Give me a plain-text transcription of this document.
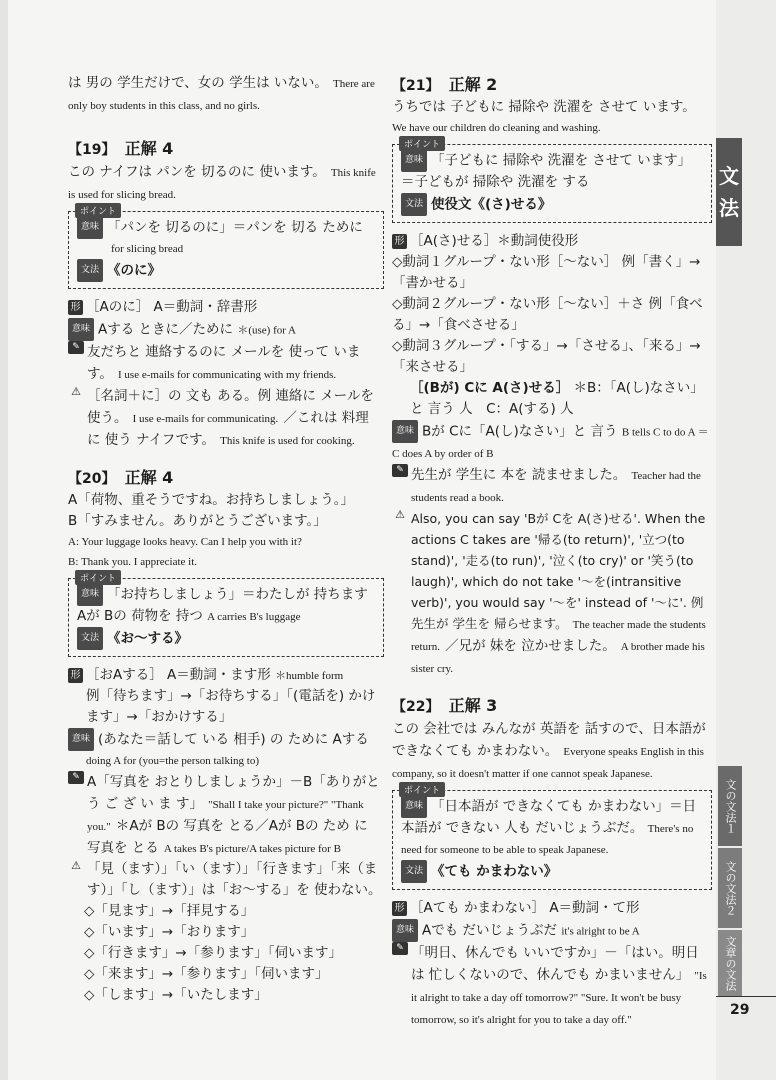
は 男の 学生だけで、女の 学生は いない。 There are only boy students in this class, and no girls.
【19】 正解 4
この ナイフは パンを 切るのに 使います。 This knife is used for slicing bread.
ポイント
意味 「パンを 切るのに」＝パンを 切る ために
for slicing bread
文法 《のに》
形 ［Aのに］ A＝動詞・辞書形
意味 Aする ときに／ために ＊(use) for A
✎ 友だちと 連絡するのに メールを 使って いま す。 I use e-mails for communicating with my friends.
⚠ ［名詞＋に］の 文も ある。例 連絡に メールを 使う。 I use e-mails for communicating. ／これは 料理 に 使う ナイフです。 This knife is used for cooking.
【20】 正解 4
A「荷物、重そうですね。お持ちしましょう。」
B「すみません。ありがとうございます。」
A: Your luggage looks heavy. Can I help you with it?
B: Thank you. I appreciate it.
ポイント
意味 「お持ちしましょう」＝わたしが 持ちます Aが Bの 荷物を 持つ A carries B's luggage
文法 《お～する》
形 ［おAする］ A＝動詞・ます形 ＊humble form
例「待ちます」→「お待ちする」「(電話を) かけます」→「おかけする」
意味 (あなた＝話して いる 相手) の ために Aする
doing A for (you=the person talking to)
✎ A「写真を おとりしましょうか」－B「ありがとう ご ざ い ま す」 "Shall I take your picture?" "Thank you." ＊Aが Bの 写真を とる／Aが Bの ため に 写真を とる A takes B's picture/A takes picture for B
⚠ 「見（ます）」「い（ます）」「行きます」「来（ます）」「し（ます）」は「お～する」を 使わない。
◇「見ます」→「拝見する」
◇「います」→「おります」
◇「行きます」→「参ります」「伺います」
◇「来ます」→「参ります」「伺います」
◇「します」→「いたします」
【21】 正解 2
うちでは 子どもに 掃除や 洗濯を させて います。
We have our children do cleaning and washing.
ポイント
意味 「子どもに 掃除や 洗濯を させて います」＝子どもが 掃除や 洗濯を する
文法 使役文《(さ)せる》
形 ［A(さ)せる］＊動詞使役形
◇動詞１グループ・ない形［～ない］ 例「書く」→「書かせる」
◇動詞２グループ・ない形［～ない］＋さ 例「食べる」→「食べさせる」
◇動詞３グループ・「する」→「させる」、「来る」→「来させる」
［(Bが) Cに A(さ)せる］ ＊B：「A(し)なさい」と 言う 人　C：A(する) 人
意味 Bが Cに「A(し)なさい」と 言う B tells C to do A ＝ C does A by order of B
✎ 先生が 学生に 本を 読ませました。 Teacher had the students read a book.
⚠ Also, you can say 'Bが Cを A(さ)せる'. When the actions C takes are '帰る(to return)', '立つ(to stand)', '走る(to run)', '泣く(to cry)' or '笑う(to laugh)', which do not take '～を(intransitive verb)', you would say '～を' instead of '～に'. 例 先生が 学生を 帰らせます。 The teacher made the students return. ／兄が 妹を 泣かせました。 A brother made his sister cry.
【22】 正解 3
この 会社では みんなが 英語を 話すので、日本語が できなくても かまわない。 Everyone speaks English in this company, so it doesn't matter if one cannot speak Japanese.
ポイント
意味 「日本語が できなくても かまわない」＝日本語が できない 人も だいじょうぶだ。 There's no need for someone to be able to speak Japanese.
文法 《ても かまわない》
形 ［Aても かまわない］ A＝動詞・て形
意味 Aでも だいじょうぶだ it's alright to be A
✎ 「明日、休んでも いいですか」－「はい。明日は 忙しくないので、休んでも かまいません」 "Is it alright to take a day off tomorrow?" "Sure. It won't be busy tomorrow, so it's alright for you to take a day off."
文
法
文の文法１
文の文法２
文章の文法
29
